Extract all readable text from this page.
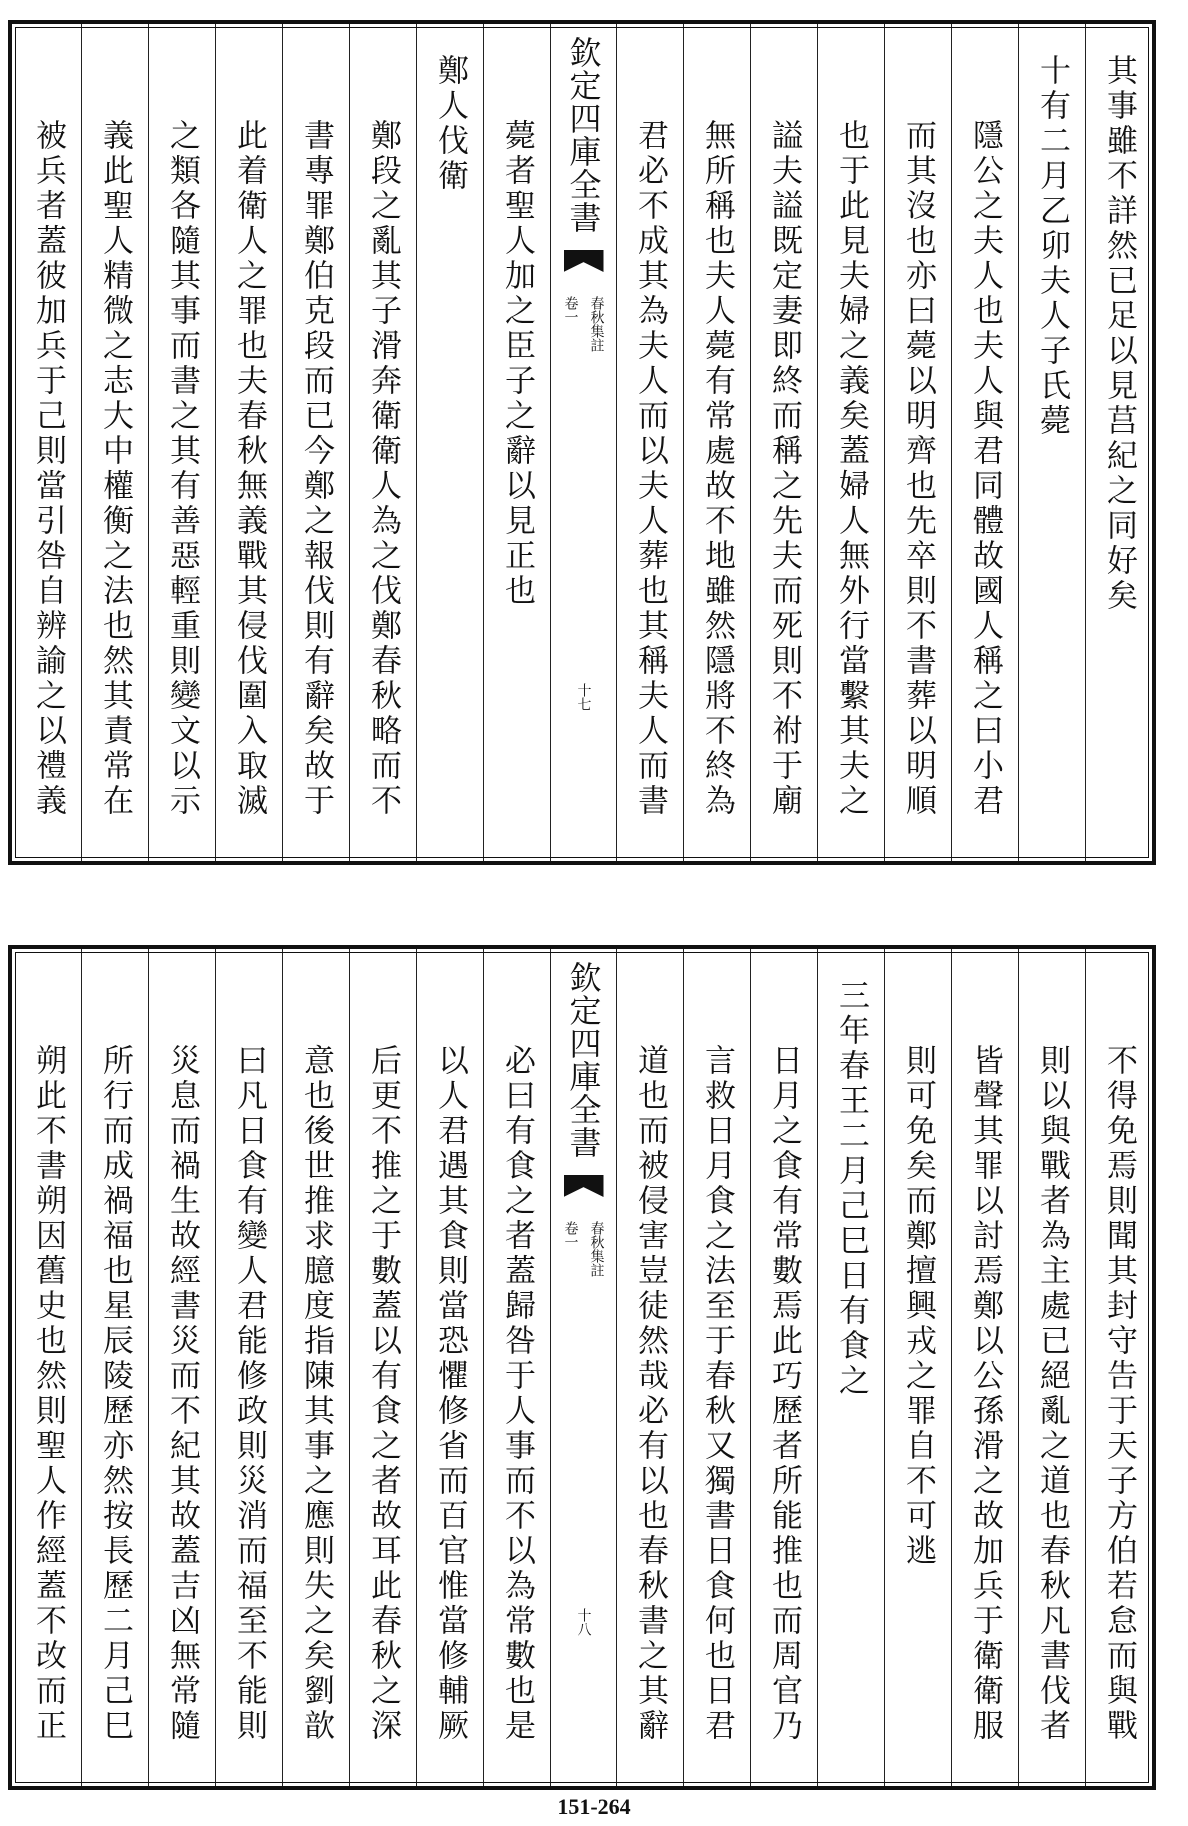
其事雖不詳然已足以見莒紀之同好矣
十有二月乙卯夫人子氏薨
隱公之夫人也夫人與君同體故國人稱之曰小君
而其沒也亦曰薨以明齊也先卒則不書葬以明順
也于此見夫婦之義矣蓋婦人無外行當繫其夫之
謚夫謚既定妻即終而稱之先夫而死則不祔于廟
無所稱也夫人薨有常處故不地雖然隱將不終為
君必不成其為夫人而以夫人葬也其稱夫人而書
欽定四庫全書
春秋集註
卷一
十七
薨者聖人加之臣子之辭以見正也
鄭人伐衛
鄭段之亂其子滑奔衛衛人為之伐鄭春秋略而不
書專罪鄭伯克段而已今鄭之報伐則有辭矣故于
此着衛人之罪也夫春秋無義戰其侵伐圍入取滅
之類各隨其事而書之其有善惡輕重則變文以示
義此聖人精微之志大中權衡之法也然其責常在
被兵者蓋彼加兵于己則當引咎自辨諭之以禮義
不得免焉則聞其封守告于天子方伯若怠而與戰
則以與戰者為主處已絕亂之道也春秋凡書伐者
皆聲其罪以討焉鄭以公孫滑之故加兵于衛衛服
則可免矣而鄭擅興戎之罪自不可逃
三年春王二月己巳日有食之
日月之食有常數焉此巧歷者所能推也而周官乃
言救日月食之法至于春秋又獨書日食何也日君
道也而被侵害豈徒然哉必有以也春秋書之其辭
欽定四庫全書
春秋集註
卷一
十八
必曰有食之者蓋歸咎于人事而不以為常數也是
以人君遇其食則當恐懼修省而百官惟當修輔厥
后更不推之于數蓋以有食之者故耳此春秋之深
意也後世推求臆度指陳其事之應則失之矣劉歆
曰凡日食有變人君能修政則災消而福至不能則
災息而禍生故經書災而不紀其故蓋吉凶無常隨
所行而成禍福也星辰陵歷亦然按長歷二月己巳
朔此不書朔因舊史也然則聖人作經蓋不改而正
151-264
